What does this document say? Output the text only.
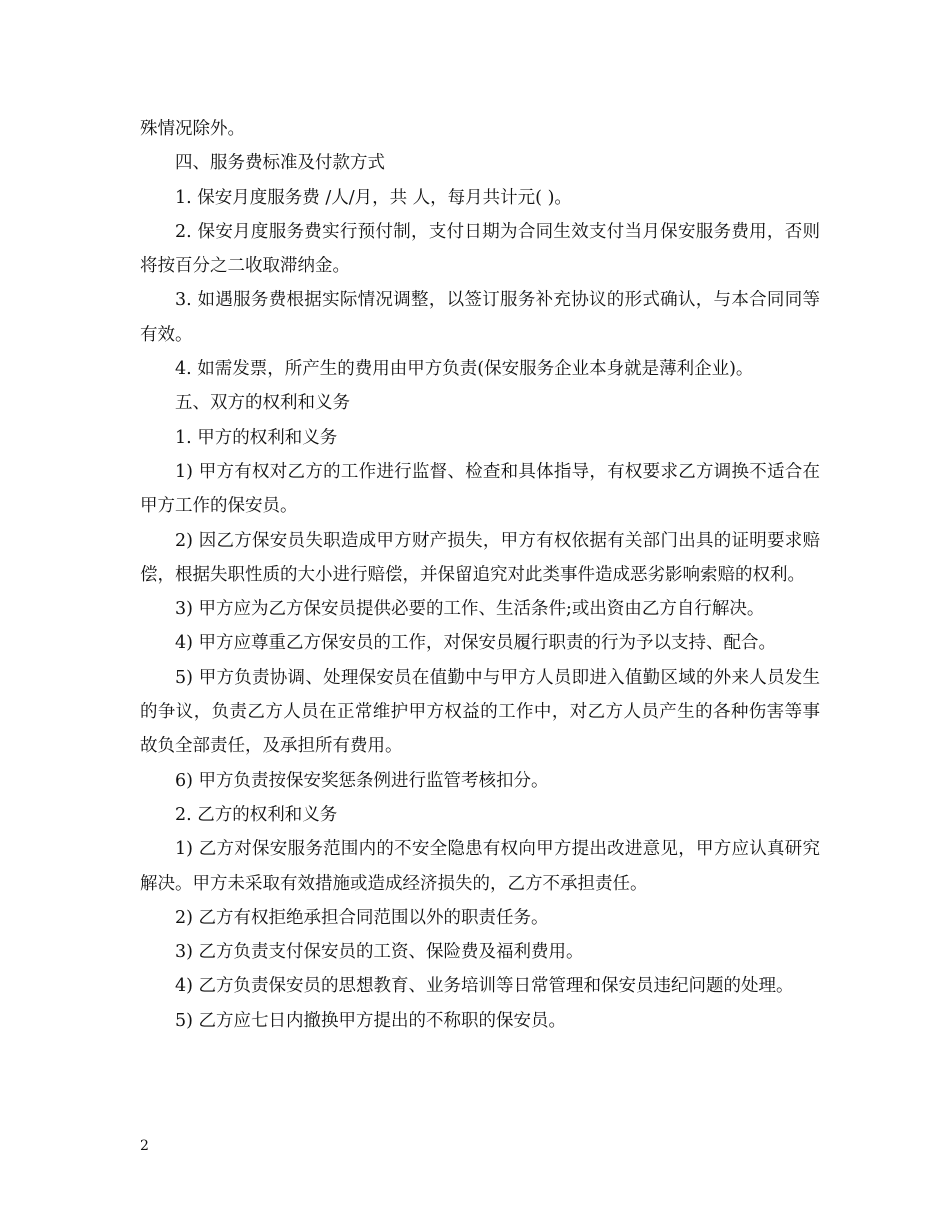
殊情况除外。

四、服务费标准及付款方式

1. 保安月度服务费 /人/月，共 人，每月共计元( )。

2. 保安月度服务费实行预付制，支付日期为合同生效支付当月保安服务费用，否则将按百分之二收取滞纳金。

3. 如遇服务费根据实际情况调整，以签订服务补充协议的形式确认，与本合同同等有效。

4. 如需发票，所产生的费用由甲方负责(保安服务企业本身就是薄利企业)。

五、双方的权利和义务

1. 甲方的权利和义务

1) 甲方有权对乙方的工作进行监督、检查和具体指导，有权要求乙方调换不适合在甲方工作的保安员。

2) 因乙方保安员失职造成甲方财产损失，甲方有权依据有关部门出具的证明要求赔偿，根据失职性质的大小进行赔偿，并保留追究对此类事件造成恶劣影响索赔的权利。

3) 甲方应为乙方保安员提供必要的工作、生活条件;或出资由乙方自行解决。

4) 甲方应尊重乙方保安员的工作，对保安员履行职责的行为予以支持、配合。

5) 甲方负责协调、处理保安员在值勤中与甲方人员即进入值勤区域的外来人员发生的争议，负责乙方人员在正常维护甲方权益的工作中，对乙方人员产生的各种伤害等事故负全部责任，及承担所有费用。

6) 甲方负责按保安奖惩条例进行监管考核扣分。

2. 乙方的权利和义务

1) 乙方对保安服务范围内的不安全隐患有权向甲方提出改进意见，甲方应认真研究解决。甲方未采取有效措施或造成经济损失的，乙方不承担责任。

2) 乙方有权拒绝承担合同范围以外的职责任务。

3) 乙方负责支付保安员的工资、保险费及福利费用。

4) 乙方负责保安员的思想教育、业务培训等日常管理和保安员违纪问题的处理。

5) 乙方应七日内撤换甲方提出的不称职的保安员。

2
